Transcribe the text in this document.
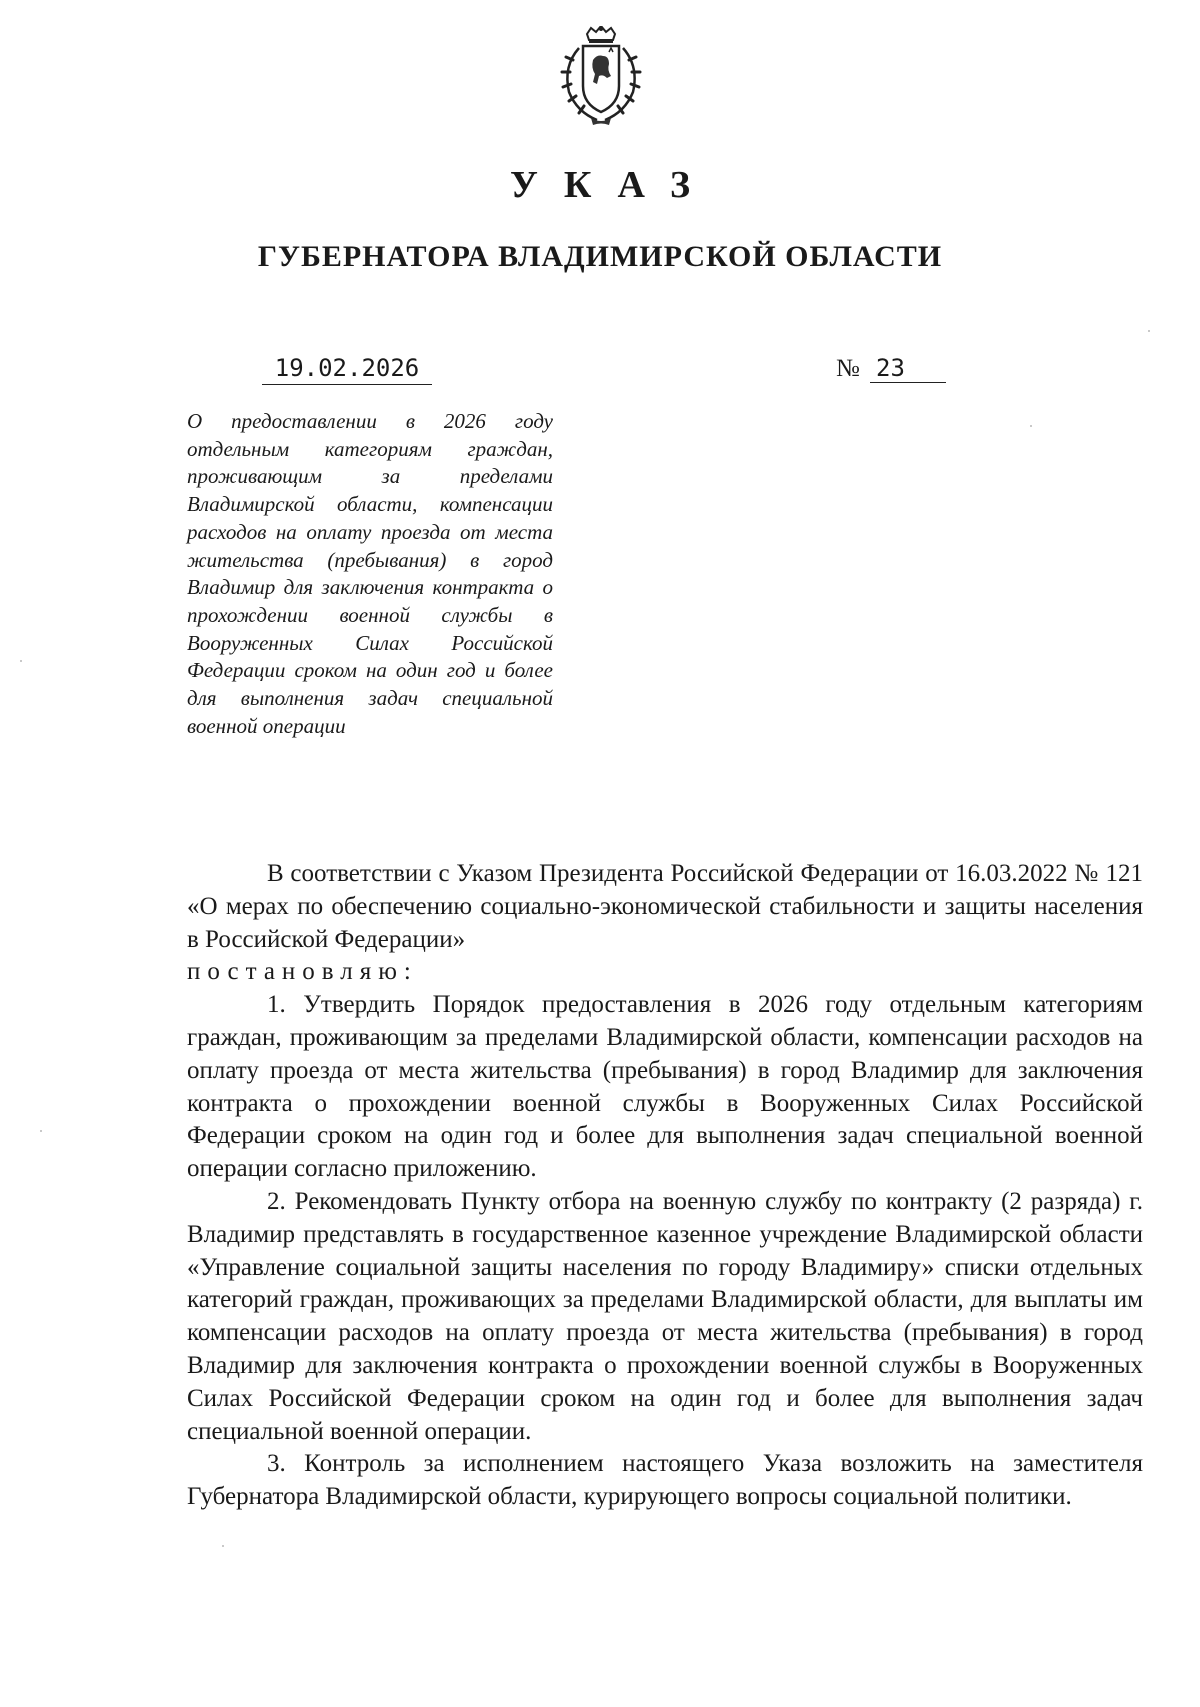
УКАЗ
ГУБЕРНАТОРА ВЛАДИМИРСКОЙ ОБЛАСТИ
19.02.2026	№ 23
О предоставлении в 2026 году отдельным категориям граждан, проживающим за пределами Владимирской области, компенсации расходов на оплату проезда от места жительства (пребывания) в город Владимир для заключения контракта о прохождении военной службы в Вооруженных Силах Российской Федерации сроком на один год и более для выполнения задач специальной военной операции

В соответствии с Указом Президента Российской Федерации от 16.03.2022 № 121 «О мерах по обеспечению социально-экономической стабильности и защиты населения в Российской Федерации»

постановляю:

1. Утвердить Порядок предоставления в 2026 году отдельным категориям граждан, проживающим за пределами Владимирской области, компенсации расходов на оплату проезда от места жительства (пребывания) в город Владимир для заключения контракта о прохождении военной службы в Вооруженных Силах Российской Федерации сроком на один год и более для выполнения задач специальной военной операции согласно приложению.

2. Рекомендовать Пункту отбора на военную службу по контракту (2 разряда) г. Владимир представлять в государственное казенное учреждение Владимирской области «Управление социальной защиты населения по городу Владимиру» списки отдельных категорий граждан, проживающих за пределами Владимирской области, для выплаты им компенсации расходов на оплату проезда от места жительства (пребывания) в город Владимир для заключения контракта о прохождении военной службы в Вооруженных Силах Российской Федерации сроком на один год и более для выполнения задач специальной военной операции.

3. Контроль за исполнением настоящего Указа возложить на заместителя Губернатора Владимирской области, курирующего вопросы социальной политики.
